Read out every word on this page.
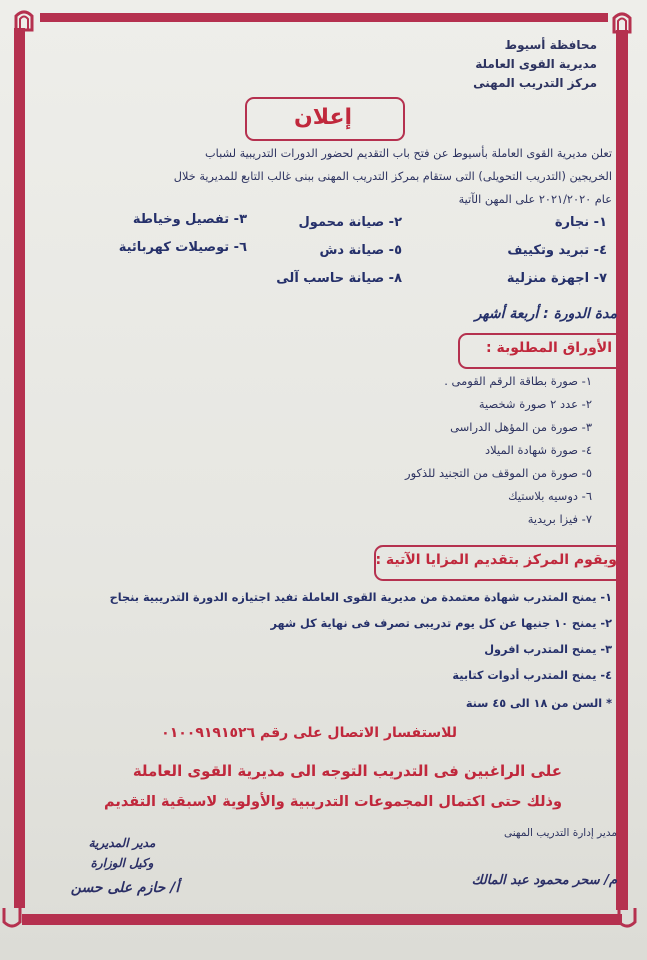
محافظة أسيوط
مديرية القوى العاملة
مركز التدريب المهنى
إعلان
تعلن مديرية القوى العاملة بأسيوط عن فتح باب التقديم لحضور الدورات التدريبية لشباب
الخريجين (التدريب التحويلى) التى ستقام بمركز التدريب المهنى ببنى غالب التابع للمديرية خلال
عام ٢٠٢١/٢٠٢٠ على المهن الآتية
١- نجارة
٢- صيانة محمول
٣- تفصيل وخياطة
٤- تبريد وتكييف
٥- صيانة دش
٦- توصيلات كهربائية
٧- اجهزة منزلية
٨- صيانة حاسب آلى
مدة الدورة : أربعة أشهر
الأوراق المطلوبة :
١- صورة بطاقة الرقم القومى .
٢- عدد ٢ صورة شخصية
٣- صورة من المؤهل الدراسى
٤- صورة شهادة الميلاد
٥- صورة من الموقف من التجنيد للذكور
٦- دوسيه بلاستيك
٧- فيزا بريدية
ويقوم المركز بتقديم المزايا الآتية :
١- يمنح المتدرب شهادة معتمدة من مديرية القوى العاملة تفيد اجتيازه الدورة التدريبية بنجاح
٢- يمنح ١٠ جنيها عن كل يوم تدريبى تصرف فى نهاية كل شهر
٣- يمنح المتدرب افرول
٤- يمنح المتدرب أدوات كتابية
* السن من ١٨ الى ٤٥ سنة
للاستفسار الاتصال على رقم ٠١٠٠٩١٩١٥٢٦
على الراغبين فى التدريب التوجه الى مديرية القوى العاملة
وذلك حتى اكتمال المجموعات التدريبية والأولوية لاسبقية التقديم
مدير إدارة التدريب المهنى
م/ سحر محمود عبد المالك
مدير المديرية
وكيل الوزارة
أ/ حازم على حسن
